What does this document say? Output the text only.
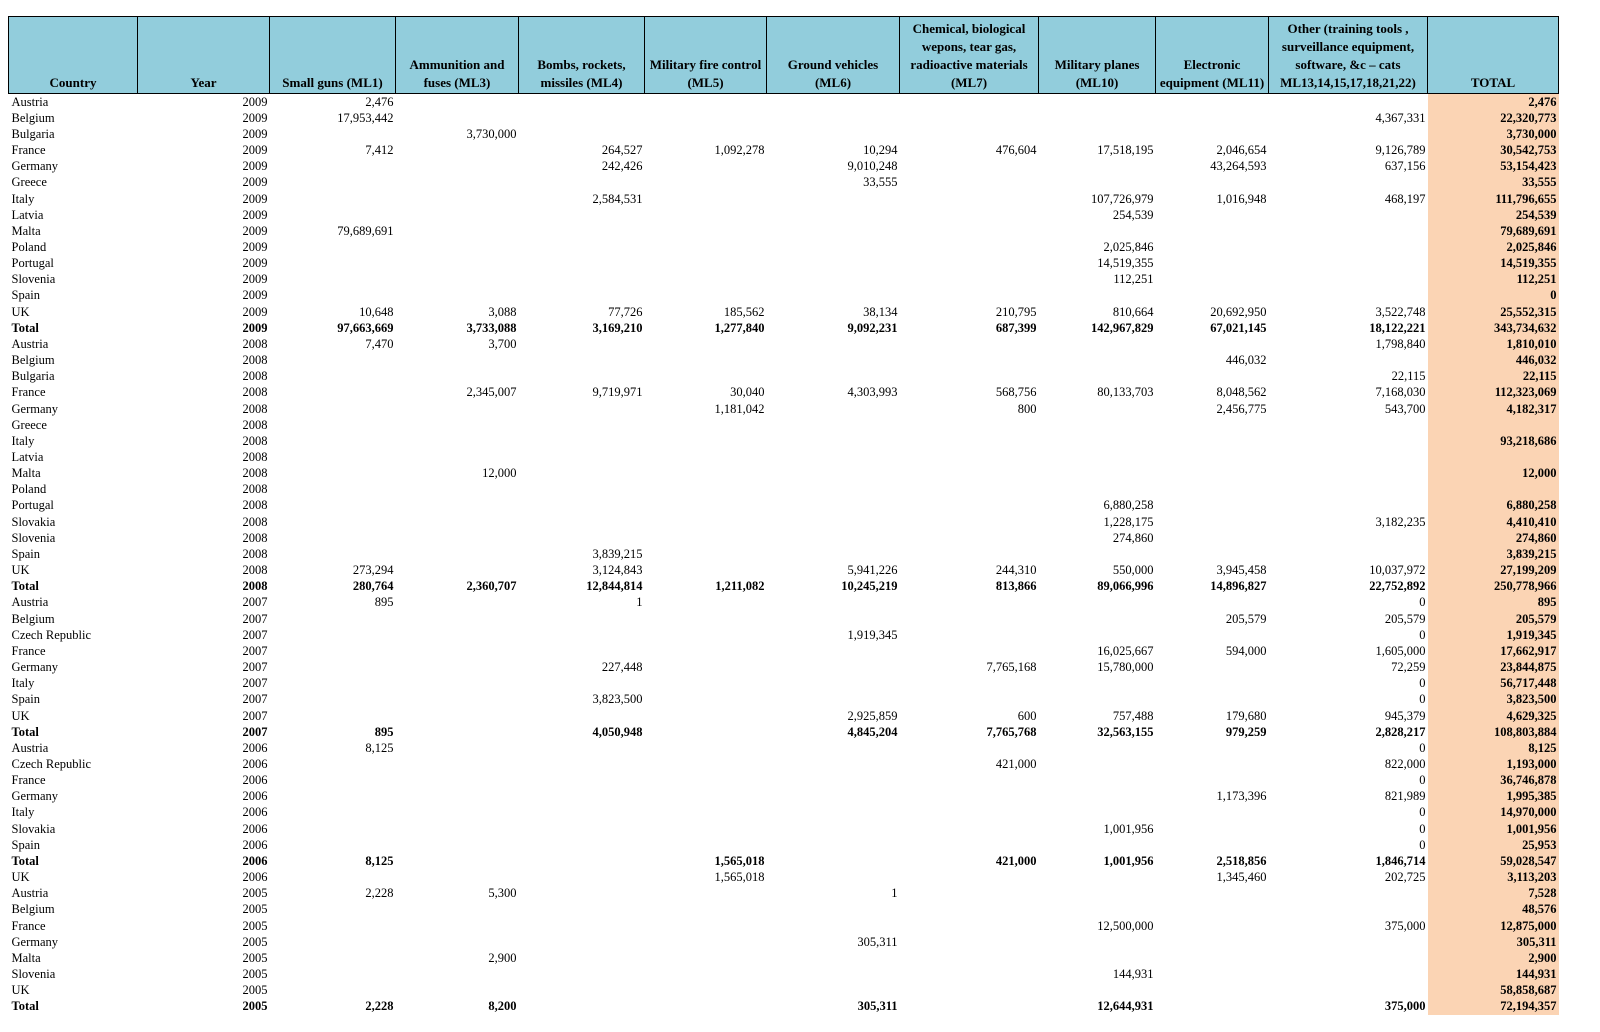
Country	Year	Small guns (ML1)	Ammunition and fuses (ML3)	Bombs, rockets, missiles (ML4)	Military fire control (ML5)	Ground vehicles (ML6)	Chemical, biological wepons, tear gas, radioactive materials (ML7)	Military planes (ML10)	Electronic equipment (ML11)	Other (training tools , surveillance equipment, software, &c – cats ML13,14,15,17,18,21,22)	TOTAL
Austria	2009	2,476									2,476
Belgium	2009	17,953,442								4,367,331	22,320,773
Bulgaria	2009		3,730,000								3,730,000
France	2009	7,412		264,527	1,092,278	10,294	476,604	17,518,195	2,046,654	9,126,789	30,542,753
Germany	2009			242,426		9,010,248			43,264,593	637,156	53,154,423
Greece	2009					33,555					33,555
Italy	2009			2,584,531				107,726,979	1,016,948	468,197	111,796,655
Latvia	2009							254,539			254,539
Malta	2009	79,689,691									79,689,691
Poland	2009							2,025,846			2,025,846
Portugal	2009							14,519,355			14,519,355
Slovenia	2009							112,251			112,251
Spain	2009										0
UK	2009	10,648	3,088	77,726	185,562	38,134	210,795	810,664	20,692,950	3,522,748	25,552,315
Total	2009	97,663,669	3,733,088	3,169,210	1,277,840	9,092,231	687,399	142,967,829	67,021,145	18,122,221	343,734,632
Austria	2008	7,470	3,700							1,798,840	1,810,010
Belgium	2008								446,032		446,032
Bulgaria	2008									22,115	22,115
France	2008		2,345,007	9,719,971	30,040	4,303,993	568,756	80,133,703	8,048,562	7,168,030	112,323,069
Germany	2008				1,181,042		800		2,456,775	543,700	4,182,317
Greece	2008										
Italy	2008										93,218,686
Latvia	2008										
Malta	2008		12,000								12,000
Poland	2008										
Portugal	2008							6,880,258			6,880,258
Slovakia	2008							1,228,175		3,182,235	4,410,410
Slovenia	2008							274,860			274,860
Spain	2008			3,839,215							3,839,215
UK	2008	273,294		3,124,843		5,941,226	244,310	550,000	3,945,458	10,037,972	27,199,209
Total	2008	280,764	2,360,707	12,844,814	1,211,082	10,245,219	813,866	89,066,996	14,896,827	22,752,892	250,778,966
Austria	2007	895		1						0	895
Belgium	2007								205,579	205,579	205,579
Czech Republic	2007					1,919,345				0	1,919,345
France	2007							16,025,667	594,000	1,605,000	17,662,917
Germany	2007			227,448			7,765,168	15,780,000		72,259	23,844,875
Italy	2007									0	56,717,448
Spain	2007			3,823,500						0	3,823,500
UK	2007					2,925,859	600	757,488	179,680	945,379	4,629,325
Total	2007	895		4,050,948		4,845,204	7,765,768	32,563,155	979,259	2,828,217	108,803,884
Austria	2006	8,125								0	8,125
Czech Republic	2006						421,000			822,000	1,193,000
France	2006									0	36,746,878
Germany	2006								1,173,396	821,989	1,995,385
Italy	2006									0	14,970,000
Slovakia	2006							1,001,956		0	1,001,956
Spain	2006									0	25,953
Total	2006	8,125			1,565,018		421,000	1,001,956	2,518,856	1,846,714	59,028,547
UK	2006				1,565,018				1,345,460	202,725	3,113,203
Austria	2005	2,228	5,300			1					7,528
Belgium	2005										48,576
France	2005							12,500,000		375,000	12,875,000
Germany	2005					305,311					305,311
Malta	2005		2,900								2,900
Slovenia	2005							144,931			144,931
UK	2005										58,858,687
Total	2005	2,228	8,200			305,311		12,644,931		375,000	72,194,357
